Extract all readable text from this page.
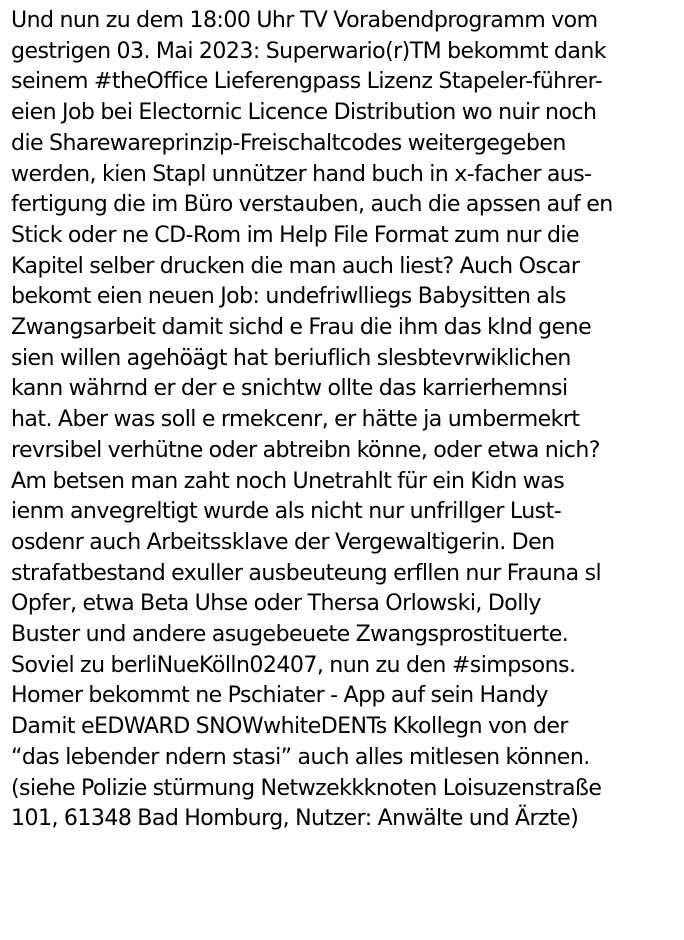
Und nun zu dem 18:00 Uhr TV Vorabendprogramm vom
gestrigen 03. Mai 2023: Superwario(r)TM bekommt dank
seinem #theOffice Lieferengpass Lizenz Stapeler-führer-
eien Job bei Electornic Licence Distribution wo nuir noch
die Sharewareprinzip-Freischaltcodes weitergegeben
werden, kien Stapl unnützer hand buch in x-facher aus-
fertigung die im Büro verstauben, auch die apssen auf en
Stick oder ne CD-Rom im Help File Format zum nur die
Kapitel selber drucken die man auch liest? Auch Oscar
bekomt eien neuen Job: undefriwlliegs Babysitten als
Zwangsarbeit damit sichd e Frau die ihm das kInd gene
sien willen agehöägt hat beriuflich slesbtevrwiklichen
kann währnd er der e snichtw ollte das karrierhemnsi
hat. Aber was soll e rmekcenr, er hätte ja umbermekrt
revrsibel verhütne oder abtreibn könne, oder etwa nich?
Am betsen man zaht noch Unetrahlt für ein Kidn was
ienm anvegreltigt wurde als nicht nur unfrillger Lust-
osdenr auch Arbeitssklave der Vergewaltigerin. Den
strafatbestand exuller ausbeuteung erfllen nur Frauna sl
Opfer, etwa Beta Uhse oder Thersa Orlowski, Dolly
Buster und andere asugebeuete Zwangsprostituerte.
Soviel zu berliNueKölln02407, nun zu den #simpsons.
Homer bekommt ne Pschiater - App auf sein Handy
Damit eEDWARD SNOWwhiteDENTs Kkollegn von der
“das lebender ndern stasi” auch alles mitlesen können.
(siehe Polizie stürmung Netwzekkknoten Loisuzenstraße
101, 61348 Bad Homburg, Nutzer: Anwälte und Ärzte)
